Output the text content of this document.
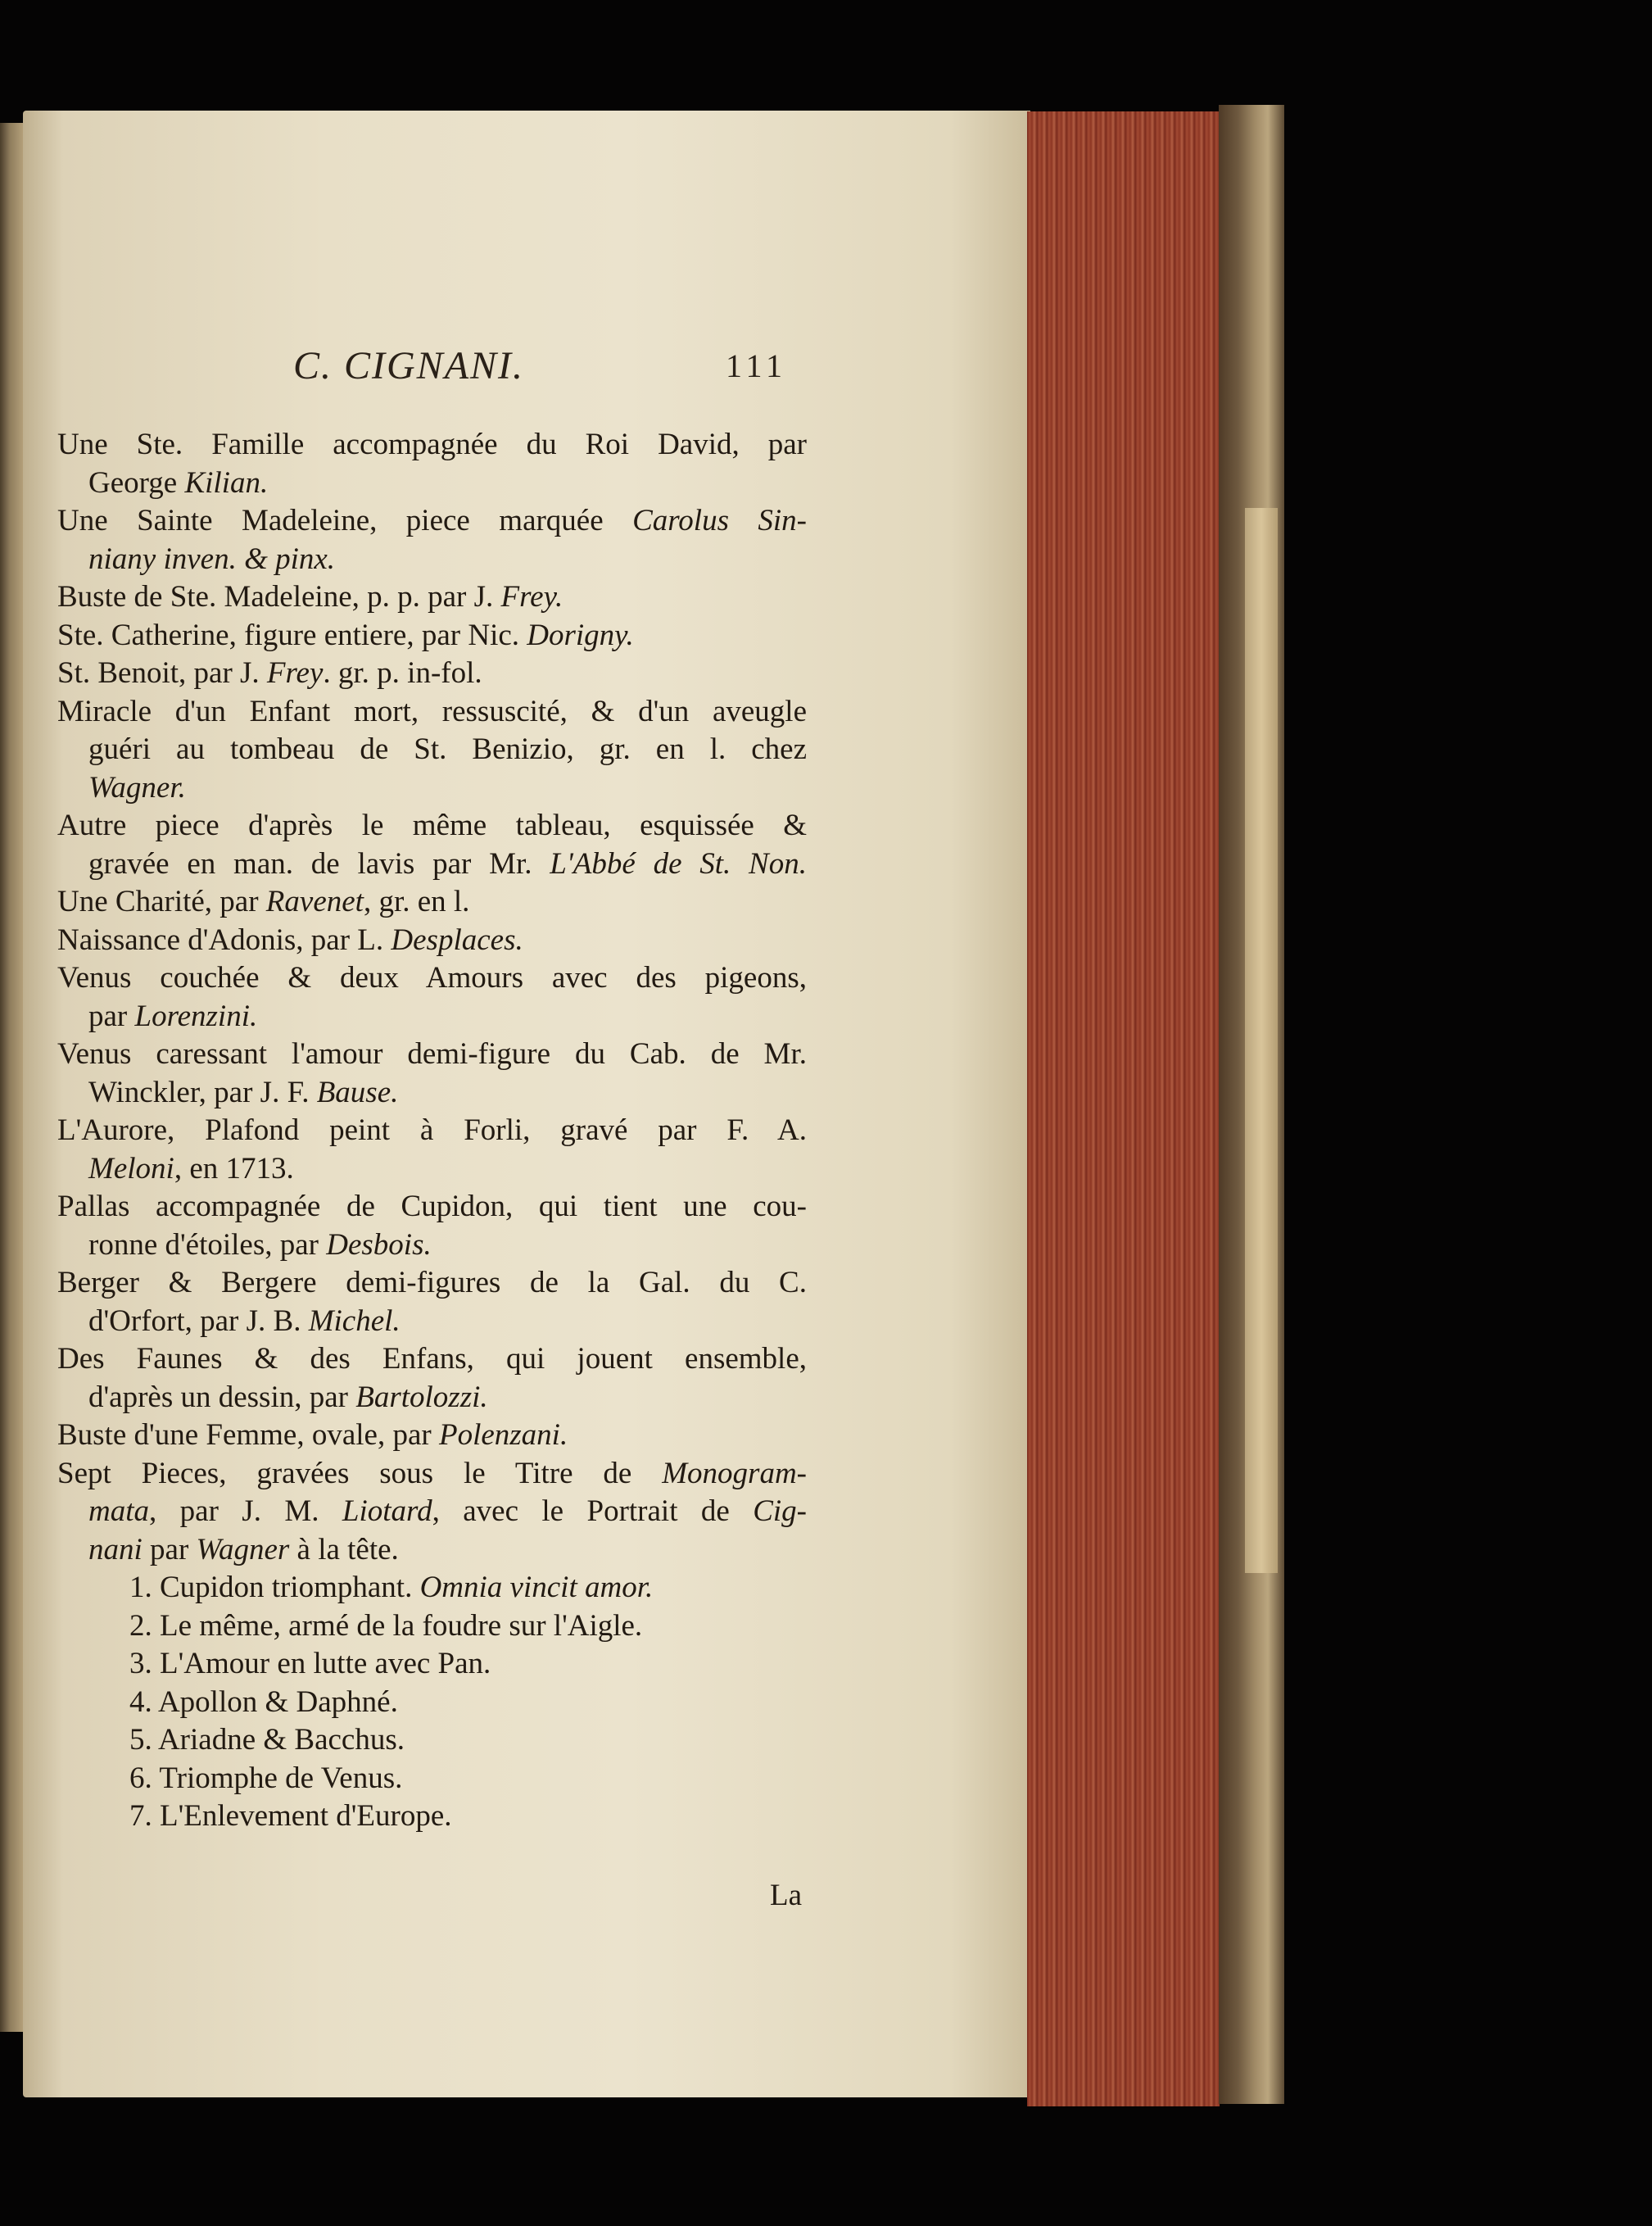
C. CIGNANI.	111
Une Ste. Famille accompagnée du Roi David, par
George Kilian.
Une Sainte Madeleine, piece marquée Carolus Sin-
niany inven. & pinx.
Buste de Ste. Madeleine, p. p. par J. Frey.
Ste. Catherine, figure entiere, par Nic. Dorigny.
St. Benoit, par J. Frey. gr. p. in-fol.
Miracle d'un Enfant mort, ressuscité, & d'un aveugle
guéri au tombeau de St. Benizio, gr. en l. chez
Wagner.
Autre piece d'après le même tableau, esquissée &
gravée en man. de lavis par Mr. L'Abbé de St. Non.
Une Charité, par Ravenet, gr. en l.
Naissance d'Adonis, par L. Desplaces.
Venus couchée & deux Amours avec des pigeons,
par Lorenzini.
Venus caressant l'amour demi-figure du Cab. de Mr.
Winckler, par J. F. Bause.
L'Aurore, Plafond peint à Forli, gravé par F. A.
Meloni, en 1713.
Pallas accompagnée de Cupidon, qui tient une cou-
ronne d'étoiles, par Desbois.
Berger & Bergere demi-figures de la Gal. du C.
d'Orfort, par J. B. Michel.
Des Faunes & des Enfans, qui jouent ensemble,
d'après un dessin, par Bartolozzi.
Buste d'une Femme, ovale, par Polenzani.
Sept Pieces, gravées sous le Titre de Monogram-
mata, par J. M. Liotard, avec le Portrait de Cig-
nani par Wagner à la tête.
1. Cupidon triomphant. Omnia vincit amor.
2. Le même, armé de la foudre sur l'Aigle.
3. L'Amour en lutte avec Pan.
4. Apollon & Daphné.
5. Ariadne & Bacchus.
6. Triomphe de Venus.
7. L'Enlevement d'Europe.
La
